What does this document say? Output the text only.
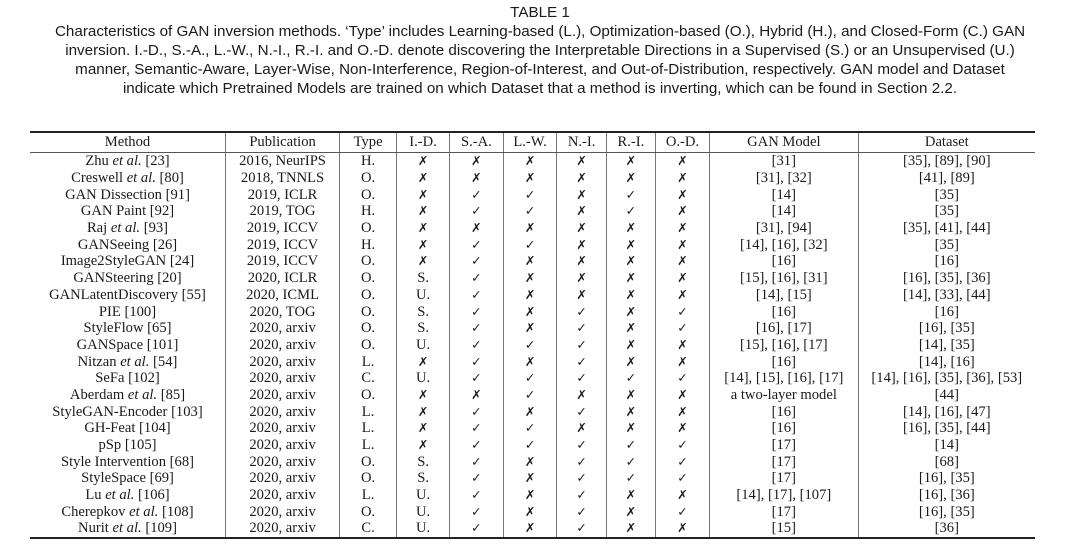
TABLE 1
Characteristics of GAN inversion methods. ‘Type’ includes Learning-based (L.), Optimization-based (O.), Hybrid (H.), and Closed-Form (C.) GAN
inversion. I.-D., S.-A., L.-W., N.-I., R.-I. and O.-D. denote discovering the Interpretable Directions in a Supervised (S.) or an Unsupervised (U.)
manner, Semantic-Aware, Layer-Wise, Non-Interference, Region-of-Interest, and Out-of-Distribution, respectively. GAN model and Dataset
indicate which Pretrained Models are trained on which Dataset that a method is inverting, which can be found in Section 2.2.
Method	Publication	Type	I.-D.	S.-A.	L.-W.	N.-I.	R.-I.	O.-D.	GAN Model	Dataset
Zhu et al. [23]	2016, NeurIPS	H.	✗	✗	✗	✗	✗	✗	[31]	[35], [89], [90]
Creswell et al. [80]	2018, TNNLS	O.	✗	✗	✗	✗	✗	✗	[31], [32]	[41], [89]
GAN Dissection [91]	2019, ICLR	O.	✗	✓	✓	✗	✓	✗	[14]	[35]
GAN Paint [92]	2019, TOG	H.	✗	✓	✓	✗	✓	✗	[14]	[35]
Raj et al. [93]	2019, ICCV	O.	✗	✗	✗	✗	✗	✗	[31], [94]	[35], [41], [44]
GANSeeing [26]	2019, ICCV	H.	✗	✓	✓	✗	✗	✗	[14], [16], [32]	[35]
Image2StyleGAN [24]	2019, ICCV	O.	✗	✓	✗	✗	✗	✗	[16]	[16]
GANSteering [20]	2020, ICLR	O.	S.	✓	✗	✗	✗	✗	[15], [16], [31]	[16], [35], [36]
GANLatentDiscovery [55]	2020, ICML	O.	U.	✓	✗	✗	✗	✗	[14], [15]	[14], [33], [44]
PIE [100]	2020, TOG	O.	S.	✓	✗	✓	✗	✓	[16]	[16]
StyleFlow [65]	2020, arxiv	O.	S.	✓	✗	✓	✗	✓	[16], [17]	[16], [35]
GANSpace [101]	2020, arxiv	O.	U.	✓	✓	✓	✗	✗	[15], [16], [17]	[14], [35]
Nitzan et al. [54]	2020, arxiv	L.	✗	✓	✗	✓	✗	✗	[16]	[14], [16]
SeFa [102]	2020, arxiv	C.	U.	✓	✓	✓	✓	✓	[14], [15], [16], [17]	[14], [16], [35], [36], [53]
Aberdam et al. [85]	2020, arxiv	O.	✗	✗	✓	✗	✗	✗	a two-layer model	[44]
StyleGAN-Encoder [103]	2020, arxiv	L.	✗	✓	✗	✓	✗	✗	[16]	[14], [16], [47]
GH-Feat [104]	2020, arxiv	L.	✗	✓	✓	✗	✗	✗	[16]	[16], [35], [44]
pSp [105]	2020, arxiv	L.	✗	✓	✓	✓	✓	✓	[17]	[14]
Style Intervention [68]	2020, arxiv	O.	S.	✓	✗	✓	✓	✓	[17]	[68]
StyleSpace [69]	2020, arxiv	O.	S.	✓	✗	✓	✓	✓	[17]	[16], [35]
Lu et al. [106]	2020, arxiv	L.	U.	✓	✗	✓	✗	✗	[14], [17], [107]	[16], [36]
Cherepkov et al. [108]	2020, arxiv	O.	U.	✓	✗	✓	✗	✓	[17]	[16], [35]
Nurit et al. [109]	2020, arxiv	C.	U.	✓	✗	✓	✗	✗	[15]	[36]
